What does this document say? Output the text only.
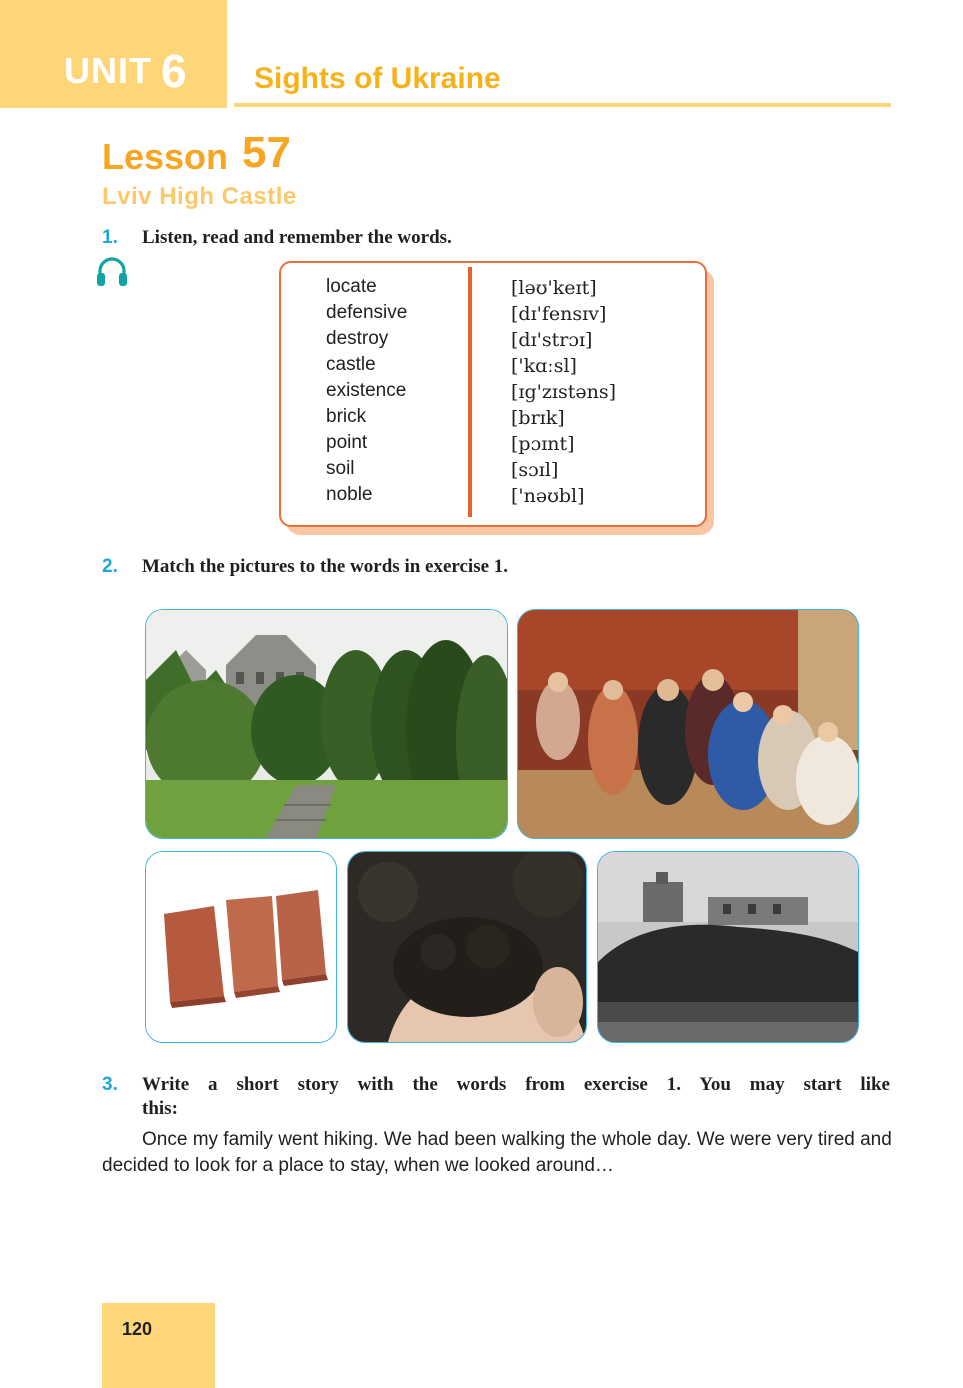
UNIT 6 Sights of Ukraine
Lesson 57
Lviv High Castle
1. Listen, read and remember the words.
locate
defensive
destroy
castle
existence
brick
point
soil
noble
[ləʊ'keɪt]
[dɪ'fensɪv]
[dɪ'strɔɪ]
['kɑːsl]
[ɪg'zɪstəns]
[brɪk]
[pɔɪnt]
[sɔɪl]
['nəʊbl]
2. Match the pictures to the words in exercise 1.
3. Write a short story with the words from exercise 1. You may start like
this:
Once my family went hiking. We had been walking the whole day. We were very tired and decided to look for a place to stay, when we looked around…
120
